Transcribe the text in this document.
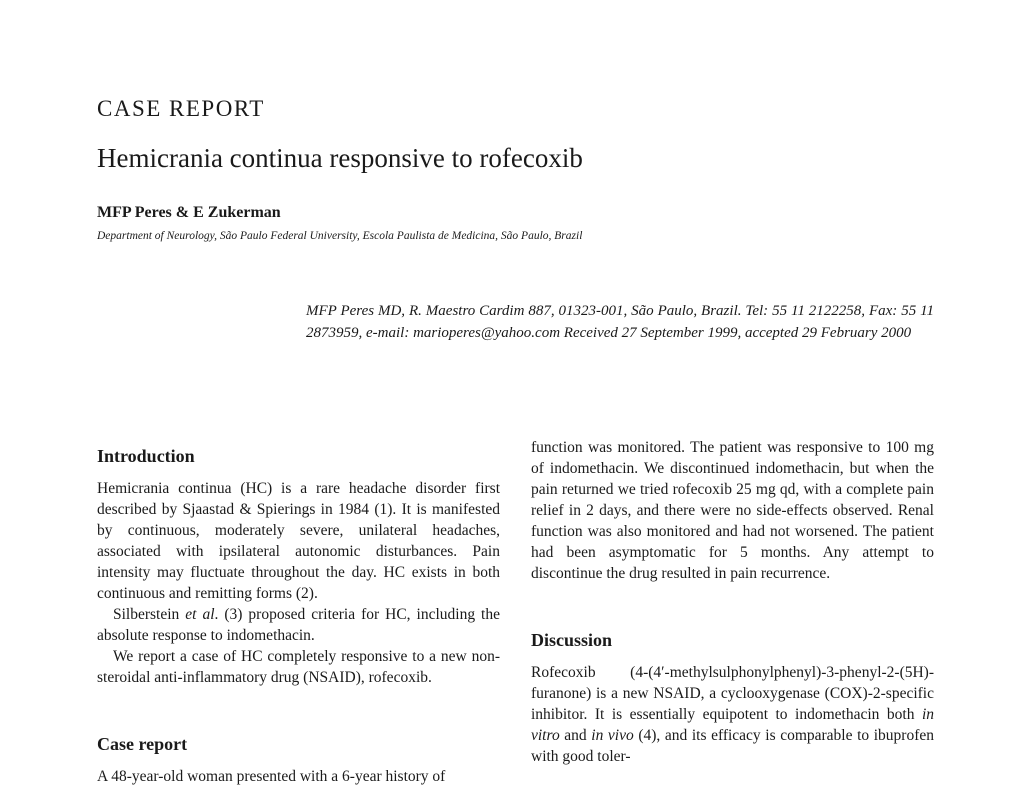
CASE REPORT
Hemicrania continua responsive to rofecoxib
MFP Peres & E Zukerman
Department of Neurology, São Paulo Federal University, Escola Paulista de Medicina, São Paulo, Brazil
MFP Peres MD, R. Maestro Cardim 887, 01323-001, São Paulo, Brazil. Tel: 55 11 2122258, Fax: 55 11 2873959, e-mail: marioperes@yahoo.com Received 27 September 1999, accepted 29 February 2000
Introduction

Hemicrania continua (HC) is a rare headache disorder first described by Sjaastad & Spierings in 1984 (1). It is manifested by continuous, moderately severe, unilateral headaches, associated with ipsilateral autonomic disturbances. Pain intensity may fluctuate throughout the day. HC exists in both continuous and remitting forms (2).

Silberstein et al. (3) proposed criteria for HC, including the absolute response to indomethacin.

We report a case of HC completely responsive to a new non-steroidal anti-inflammatory drug (NSAID), rofecoxib.

Case report

A 48-year-old woman presented with a 6-year history of

function was monitored. The patient was responsive to 100 mg of indomethacin. We discontinued indomethacin, but when the pain returned we tried rofecoxib 25 mg qd, with a complete pain relief in 2 days, and there were no side-effects observed. Renal function was also monitored and had not worsened. The patient had been asymptomatic for 5 months. Any attempt to discontinue the drug resulted in pain recurrence.

Discussion

Rofecoxib (4-(4′-methylsulphonylphenyl)-3-phenyl-2-(5H)-furanone) is a new NSAID, a cyclooxygenase (COX)-2-specific inhibitor. It is essentially equipotent to indomethacin both in vitro and in vivo (4), and its efficacy is comparable to ibuprofen with good toler-
